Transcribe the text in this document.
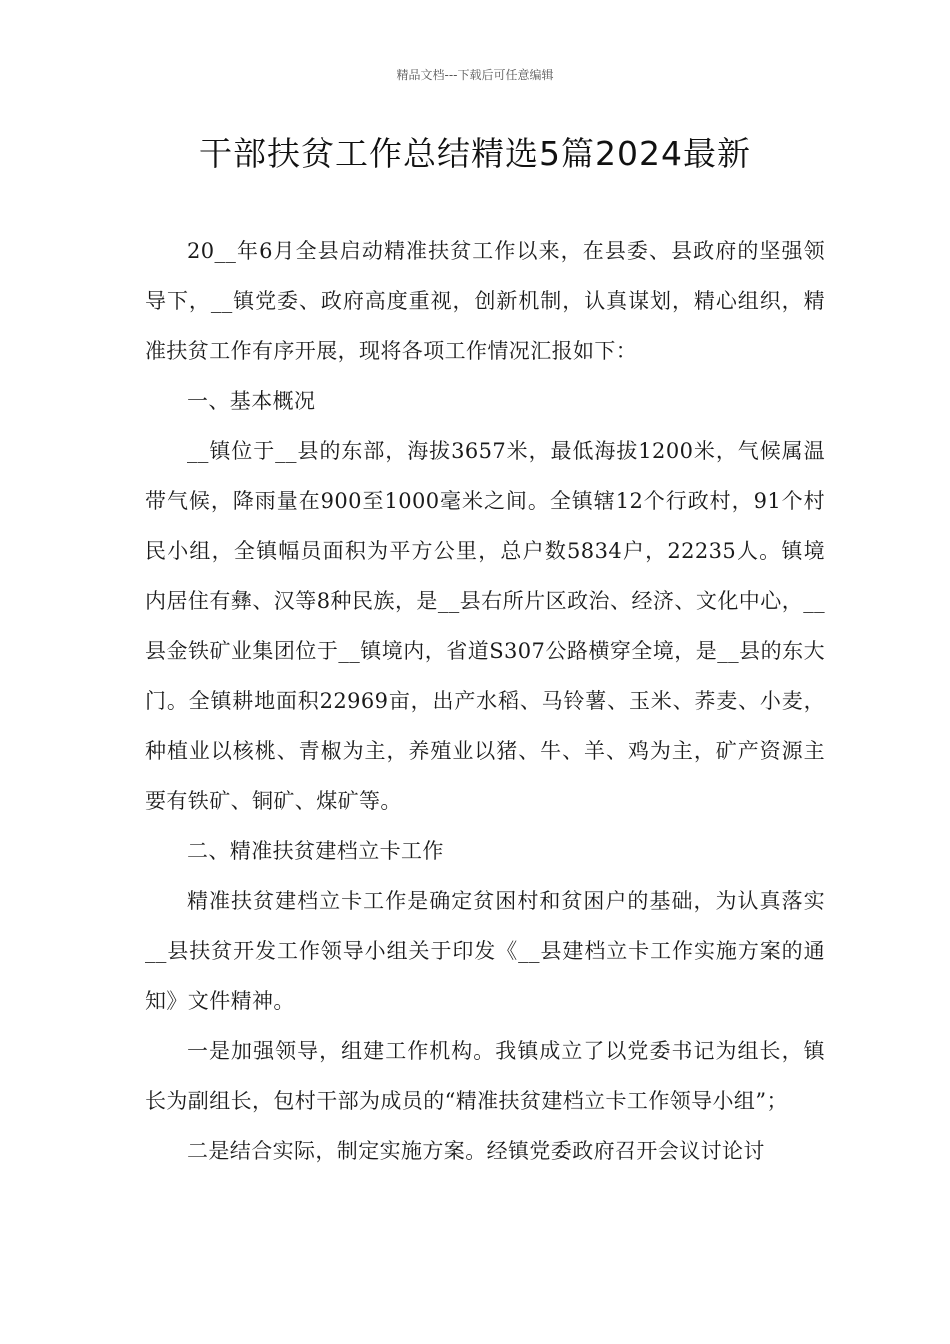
精品文档---下载后可任意编辑
干部扶贫工作总结精选5篇2024最新

20__年6月全县启动精准扶贫工作以来，在县委、县政府的坚强领导下，__镇党委、政府高度重视，创新机制，认真谋划，精心组织，精准扶贫工作有序开展，现将各项工作情况汇报如下：

一、基本概况

__镇位于__县的东部，海拔3657米，最低海拔1200米，气候属温带气候，降雨量在900至1000毫米之间。全镇辖12个行政村，91个村民小组，全镇幅员面积为平方公里，总户数5834户，22235人。镇境内居住有彝、汉等8种民族，是__县右所片区政治、经济、文化中心，__县金铁矿业集团位于__镇境内，省道S307公路横穿全境，是__县的东大门。全镇耕地面积22969亩，出产水稻、马铃薯、玉米、荞麦、小麦，种植业以核桃、青椒为主，养殖业以猪、牛、羊、鸡为主，矿产资源主要有铁矿、铜矿、煤矿等。

二、精准扶贫建档立卡工作

精准扶贫建档立卡工作是确定贫困村和贫困户的基础，为认真落实__县扶贫开发工作领导小组关于印发《__县建档立卡工作实施方案的通知》文件精神。

一是加强领导，组建工作机构。我镇成立了以党委书记为组长，镇长为副组长，包村干部为成员的“精准扶贫建档立卡工作领导小组”；

二是结合实际，制定实施方案。经镇党委政府召开会议讨论讨
